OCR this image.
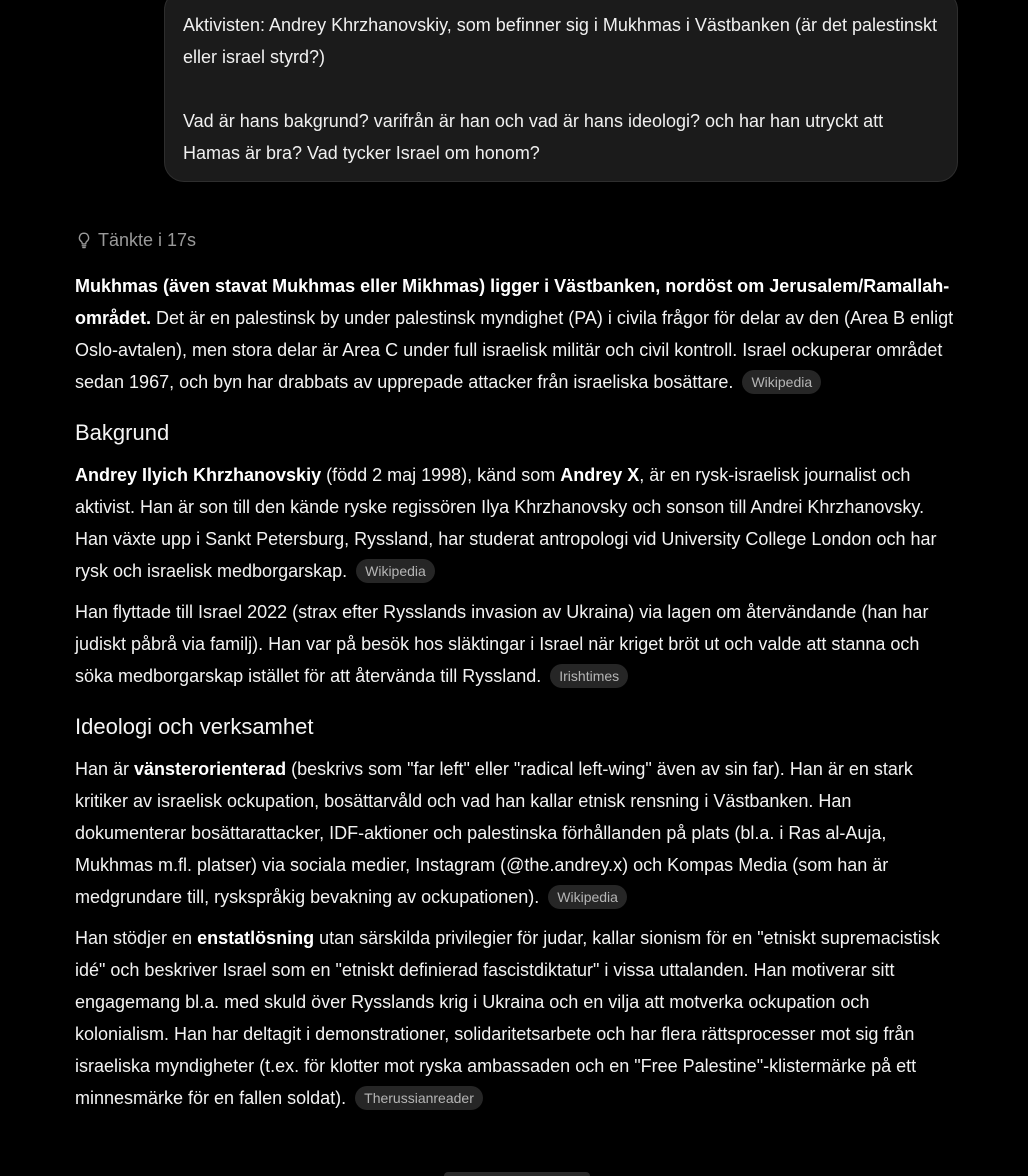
Aktivisten: Andrey Khrzhanovskiy, som befinner sig i Mukhmas i Västbanken (är det palestinskt eller israel styrd?)

Vad är hans bakgrund? varifrån är han och vad är hans ideologi? och har han utryckt att Hamas är bra? Vad tycker Israel om honom?

Tänkte i 17s

Mukhmas (även stavat Mukhmas eller Mikhmas) ligger i Västbanken, nordöst om Jerusalem/Ramallah-området. Det är en palestinsk by under palestinsk myndighet (PA) i civila frågor för delar av den (Area B enligt Oslo-avtalen), men stora delar är Area C under full israelisk militär och civil kontroll. Israel ockuperar området sedan 1967, och byn har drabbats av upprepade attacker från israeliska bosättare. Wikipedia

Bakgrund

Andrey Ilyich Khrzhanovskiy (född 2 maj 1998), känd som Andrey X, är en rysk-israelisk journalist och aktivist. Han är son till den kände ryske regissören Ilya Khrzhanovsky och sonson till Andrei Khrzhanovsky. Han växte upp i Sankt Petersburg, Ryssland, har studerat antropologi vid University College London och har rysk och israelisk medborgarskap. Wikipedia

Han flyttade till Israel 2022 (strax efter Rysslands invasion av Ukraina) via lagen om återvändande (han har judiskt påbrå via familj). Han var på besök hos släktingar i Israel när kriget bröt ut och valde att stanna och söka medborgarskap istället för att återvända till Ryssland. Irishtimes

Ideologi och verksamhet

Han är vänsterorienterad (beskrivs som "far left" eller "radical left-wing" även av sin far). Han är en stark kritiker av israelisk ockupation, bosättarvåld och vad han kallar etnisk rensning i Västbanken. Han dokumenterar bosättarattacker, IDF-aktioner och palestinska förhållanden på plats (bl.a. i Ras al-Auja, Mukhmas m.fl. platser) via sociala medier, Instagram (@the.andrey.x) och Kompas Media (som han är medgrundare till, ryskspråkig bevakning av ockupationen). Wikipedia

Han stödjer en enstatlösning utan särskilda privilegier för judar, kallar sionism för en "etniskt supremacistisk idé" och beskriver Israel som en "etniskt definierad fascistdiktatur" i vissa uttalanden. Han motiverar sitt engagemang bl.a. med skuld över Rysslands krig i Ukraina och en vilja att motverka ockupation och kolonialism. Han har deltagit i demonstrationer, solidaritetsarbete och har flera rättsprocesser mot sig från israeliska myndigheter (t.ex. för klotter mot ryska ambassaden och en "Free Palestine"-klistermärke på ett minnesmärke för en fallen soldat). Therussianreader
